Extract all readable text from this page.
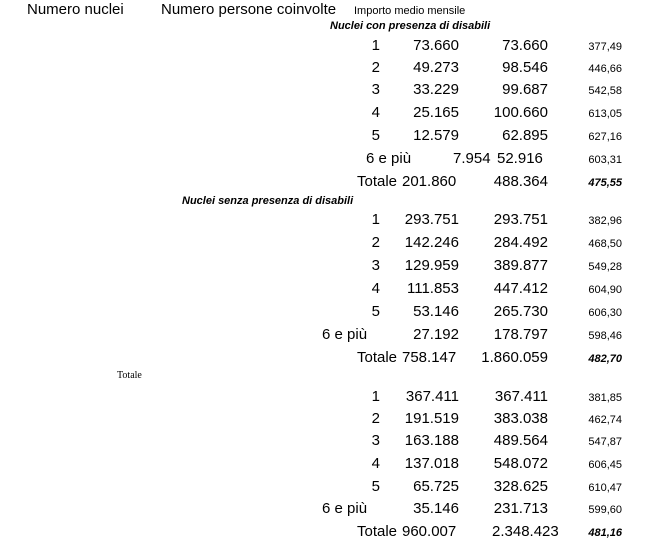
Numero nuclei Numero persone coinvolte Importo medio mensile
Nuclei con presenza di disabili
1	73.660	73.660	377,49
2	49.273	98.546	446,66
3	33.229	99.687	542,58
4	25.165	100.660	613,05
5	12.579	62.895	627,16
6 e più	7.954 52.916	603,31
Totale 201.860	488.364	475,55
Nuclei senza presenza di disabili
1	293.751	293.751	382,96
2	142.246	284.492	468,50
3	129.959	389.877	549,28
4	111.853	447.412	604,90
5	53.146	265.730	606,30
6 e più	27.192	178.797	598,46
Totale 758.147 1.860.059	482,70
Totale
1	367.411	367.411	381,85
2	191.519	383.038	462,74
3	163.188	489.564	547,87
4	137.018	548.072	606,45
5	65.725	328.625	610,47
6 e più	35.146	231.713	599,60
Totale 960.007 2.348.423	481,16
